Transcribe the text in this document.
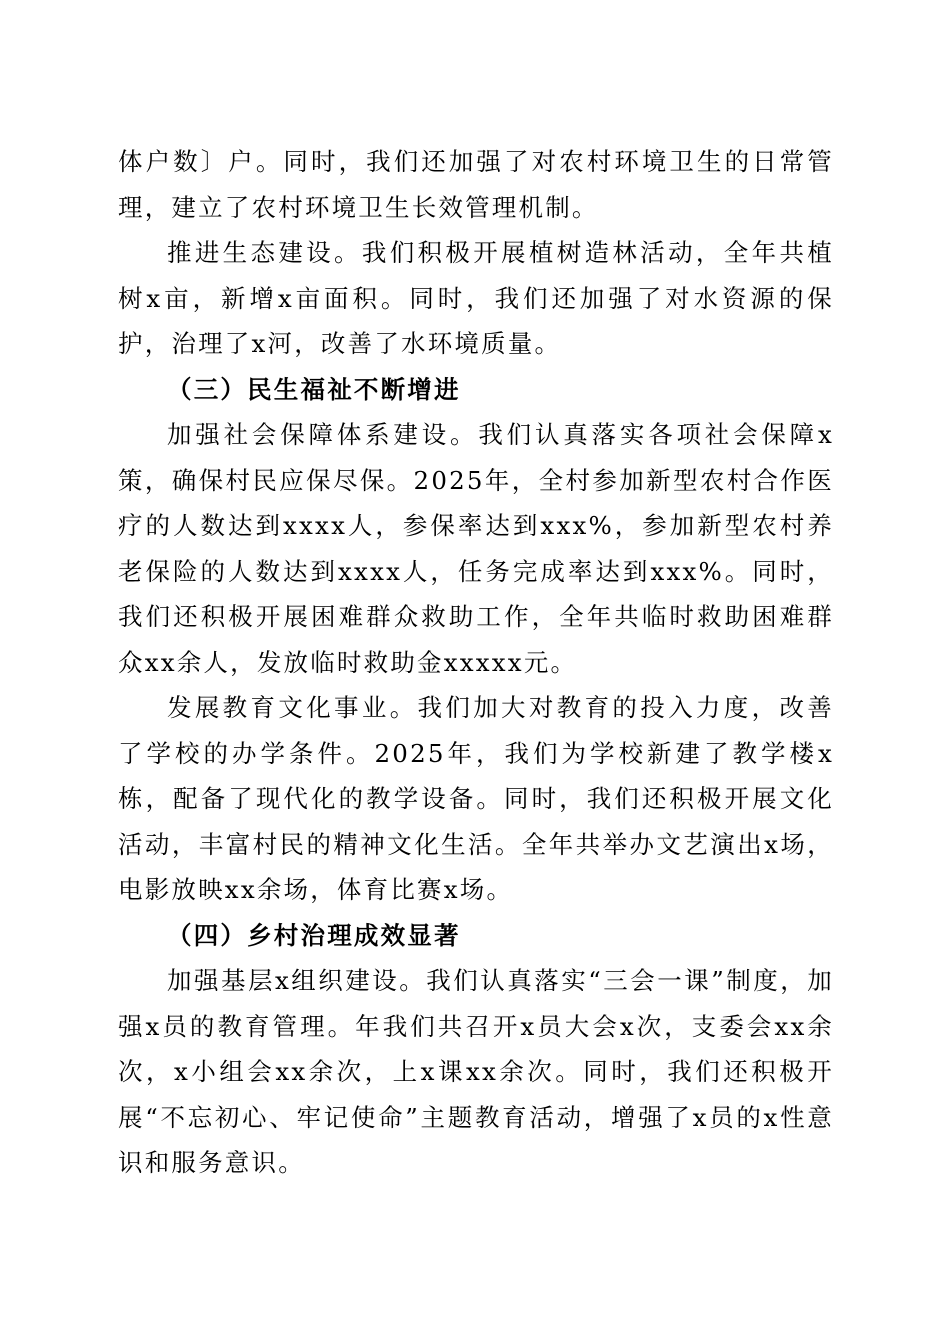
体户数〕户。同时，我们还加强了对农村环境卫生的日常管理，建立了农村环境卫生长效管理机制。

推进生态建设。我们积极开展植树造林活动，全年共植树x亩，新增x亩面积。同时，我们还加强了对水资源的保护，治理了x河，改善了水环境质量。

（三）民生福祉不断增进

加强社会保障体系建设。我们认真落实各项社会保障x策，确保村民应保尽保。2025年，全村参加新型农村合作医疗的人数达到xxxx人，参保率达到xxx%，参加新型农村养老保险的人数达到xxxx人，任务完成率达到xxx%。同时，我们还积极开展困难群众救助工作，全年共临时救助困难群众xx余人，发放临时救助金xxxxx元。

发展教育文化事业。我们加大对教育的投入力度，改善了学校的办学条件。2025年，我们为学校新建了教学楼x栋，配备了现代化的教学设备。同时，我们还积极开展文化活动，丰富村民的精神文化生活。全年共举办文艺演出x场，电影放映xx余场，体育比赛x场。

（四）乡村治理成效显著

加强基层x组织建设。我们认真落实“三会一课”制度，加强x员的教育管理。年我们共召开x员大会x次，支委会xx余次，x小组会xx余次，上x课xx余次。同时，我们还积极开展“不忘初心、牢记使命”主题教育活动，增强了x员的x性意识和服务意识。
